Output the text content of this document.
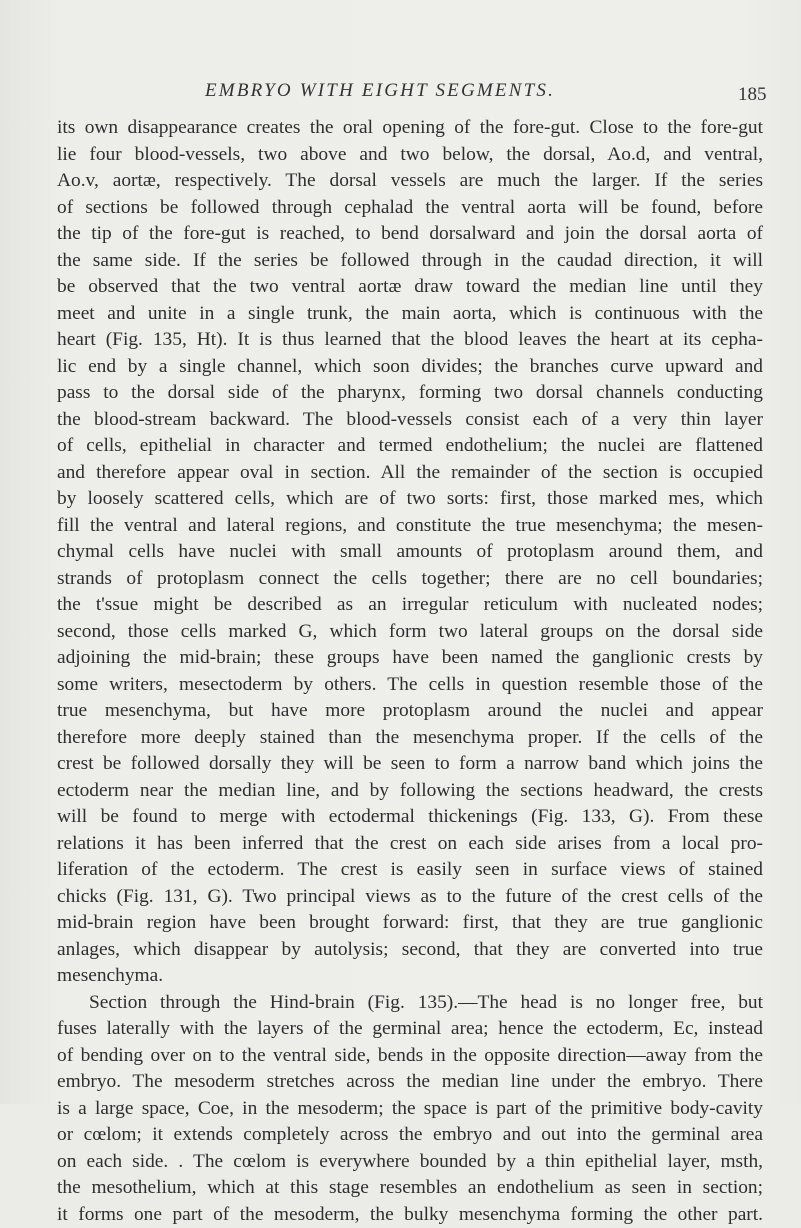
EMBRYO WITH EIGHT SEGMENTS.	185
its own disappearance creates the oral opening of the fore-gut. Close to the fore-gut
lie four blood-vessels, two above and two below, the dorsal, Ao.d, and ventral,
Ao.v, aortæ, respectively. The dorsal vessels are much the larger. If the series
of sections be followed through cephalad the ventral aorta will be found, before
the tip of the fore-gut is reached, to bend dorsalward and join the dorsal aorta of
the same side. If the series be followed through in the caudad direction, it will
be observed that the two ventral aortæ draw toward the median line until they
meet and unite in a single trunk, the main aorta, which is continuous with the
heart (Fig. 135, Ht). It is thus learned that the blood leaves the heart at its cepha-
lic end by a single channel, which soon divides; the branches curve upward and
pass to the dorsal side of the pharynx, forming two dorsal channels conducting
the blood-stream backward. The blood-vessels consist each of a very thin layer
of cells, epithelial in character and termed endothelium; the nuclei are flattened
and therefore appear oval in section. All the remainder of the section is occupied
by loosely scattered cells, which are of two sorts: first, those marked mes, which
fill the ventral and lateral regions, and constitute the true mesenchyma; the mesen-
chymal cells have nuclei with small amounts of protoplasm around them, and
strands of protoplasm connect the cells together; there are no cell boundaries;
the t'ssue might be described as an irregular reticulum with nucleated nodes;
second, those cells marked G, which form two lateral groups on the dorsal side
adjoining the mid-brain; these groups have been named the ganglionic crests by
some writers, mesectoderm by others. The cells in question resemble those of the
true mesenchyma, but have more protoplasm around the nuclei and appear
therefore more deeply stained than the mesenchyma proper. If the cells of the
crest be followed dorsally they will be seen to form a narrow band which joins the
ectoderm near the median line, and by following the sections headward, the crests
will be found to merge with ectodermal thickenings (Fig. 133, G). From these
relations it has been inferred that the crest on each side arises from a local pro-
liferation of the ectoderm. The crest is easily seen in surface views of stained
chicks (Fig. 131, G). Two principal views as to the future of the crest cells of the
mid-brain region have been brought forward: first, that they are true ganglionic
anlages, which disappear by autolysis; second, that they are converted into true
mesenchyma.
Section through the Hind-brain (Fig. 135).—The head is no longer free, but
fuses laterally with the layers of the germinal area; hence the ectoderm, Ec, instead
of bending over on to the ventral side, bends in the opposite direction—away from the
embryo. The mesoderm stretches across the median line under the embryo. There
is a large space, Coe, in the mesoderm; the space is part of the primitive body-cavity
or cœlom; it extends completely across the embryo and out into the germinal area
on each side. . The cœlom is everywhere bounded by a thin epithelial layer, msth,
the mesothelium, which at this stage resembles an endothelium as seen in section;
it forms one part of the mesoderm, the bulky mesenchyma forming the other part.
